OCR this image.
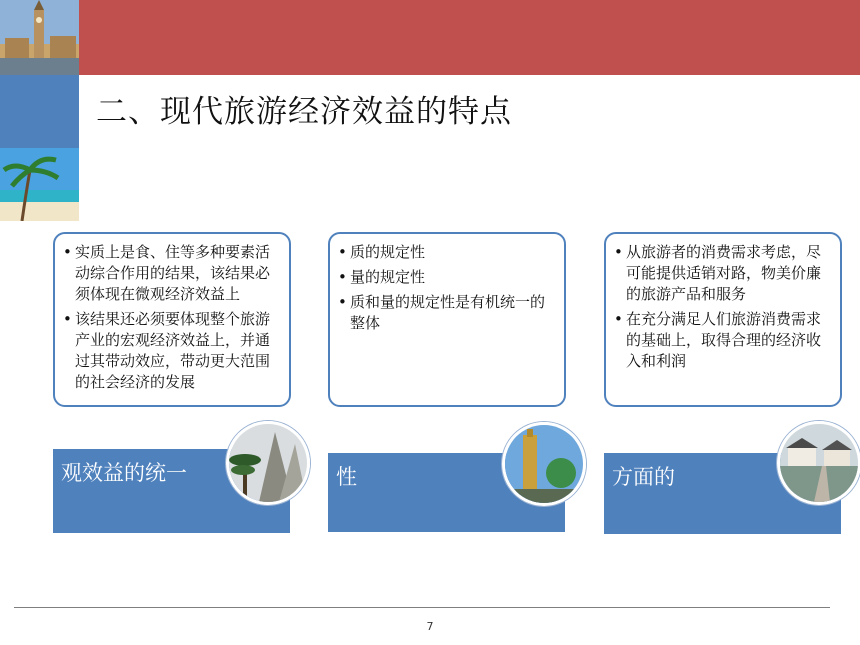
二、现代旅游经济效益的特点
观效益的统一
• 实质上是食、住等多种要素活动综合作用的结果，该结果必须体现在微观经济效益上
• 该结果还必须要体现整个旅游产业的宏观经济效益上，并通过其带动效应，带动更大范围的社会经济的发展
性
• 质的规定性
• 量的规定性
• 质和量的规定性是有机统一的整体
方面的
• 从旅游者的消费需求考虑，尽可能提供适销对路，物美价廉的旅游产品和服务
• 在充分满足人们旅游消费需求的基础上，取得合理的经济收入和利润
7
